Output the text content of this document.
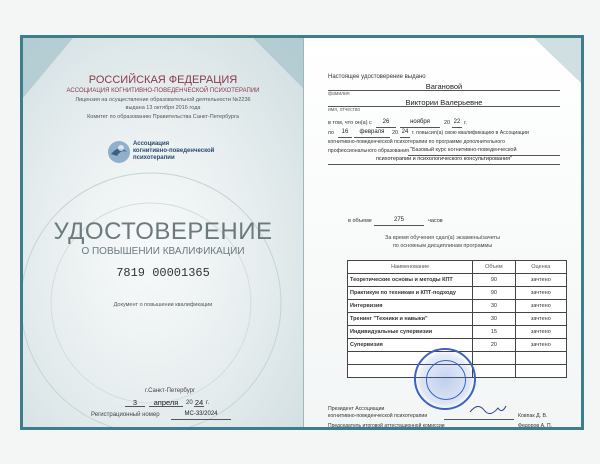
РОССИЙСКАЯ ФЕДЕРАЦИЯ
АССОЦИАЦИЯ КОГНИТИВНО-ПОВЕДЕНЧЕСКОЙ ПСИХОТЕРАПИИ
Лицензия на осуществление образовательной деятельности №2236
выдана 13 октября 2016 года
Комитет по образованию Правительства Санкт-Петербурга
Ассоциация
когнитивно-поведенческой
психотерапии
УДОСТОВЕРЕНИЕ
О ПОВЫШЕНИИ КВАЛИФИКАЦИИ
7819 00001365
Документ о повышении квалификации
г.Санкт-Петербург
3	апреля	20 24 г.
Регистрационный номер	МС-33/2024
Настоящее удостоверение выдано
Вагановой
фамилия
Виктории Валерьевне
имя, отчество
в том, что он(а) с	26	ноября	20 22 г.
по	16	февраля	20 24 г. повысил(а) свою квалификацию в Ассоциации
когнитивно-поведенческой психотерапии по программе дополнительного
профессионального образования "Базовый курс когнитивно-поведенческой
психотерапии и психологического консультирования"
в объеме	275	часов
За время обучения сдал(а) экзамены/зачеты
по основным дисциплинам программы
Наименование	Объем	Оценка
Теоретические основы и методы КПТ	90	зачтено
Практикум по техникам и КПТ-подходу	90	зачтено
Интервизия	30	зачтено
Тренинг "Техники и навыки"	30	зачтено
Индивидуальные супервизии	15	зачтено
Супервизия	20	зачтено

Президент Ассоциации
когнитивно-поведенческой психотерапии	Ковпак Д. В.
Председатель итоговой аттестационной комиссии	Федоров А. П.
